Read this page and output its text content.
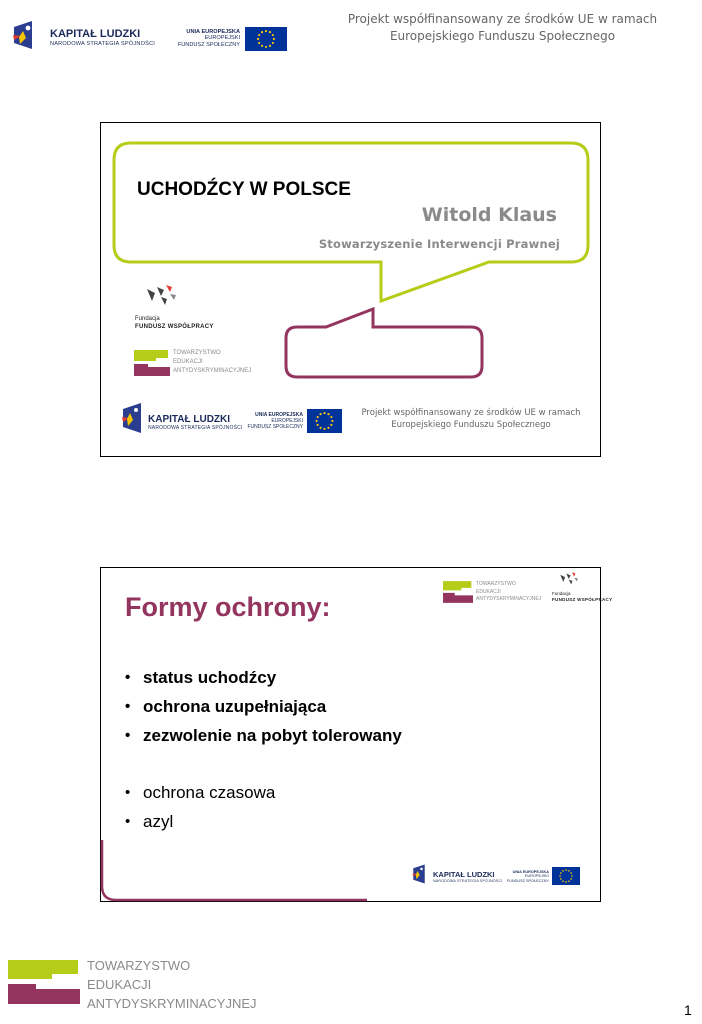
KAPITAŁ LUDZKI
NARODOWA STRATEGIA SPÓJNOŚCI
UNIA EUROPEJSKA
EUROPEJSKI
FUNDUSZ SPOŁECZNY
Projekt współfinansowany ze środków UE w ramach
Europejskiego Funduszu Społecznego
UCHODŹCY W POLSCE
Witold Klaus
Stowarzyszenie Interwencji Prawnej
Fundacja
FUNDUSZ WSPÓŁPRACY
TOWARZYSTWO
EDUKACJI
ANTYDYSKRYMINACYJNEJ
KAPITAŁ LUDZKI
NARODOWA STRATEGIA SPÓJNOŚCI
UNIA EUROPEJSKA
EUROPEJSKI
FUNDUSZ SPOŁECZNY
Projekt współfinansowany ze środków UE w ramach
Europejskiego Funduszu Społecznego
TOWARZYSTWO
EDUKACJI
ANTYDYSKRYMINACYJNEJ
Fundacja
FUNDUSZ WSPÓŁPRACY
Formy ochrony:
• status uchodźcy
• ochrona uzupełniająca
• zezwolenie na pobyt tolerowany
• ochrona czasowa
• azyl
KAPITAŁ LUDZKI
NARODOWA STRATEGIA SPÓJNOŚCI
UNIA EUROPEJSKA
EUROPEJSKI
FUNDUSZ SPOŁECZNY
TOWARZYSTWO
EDUKACJI
ANTYDYSKRYMINACYJNEJ	1
